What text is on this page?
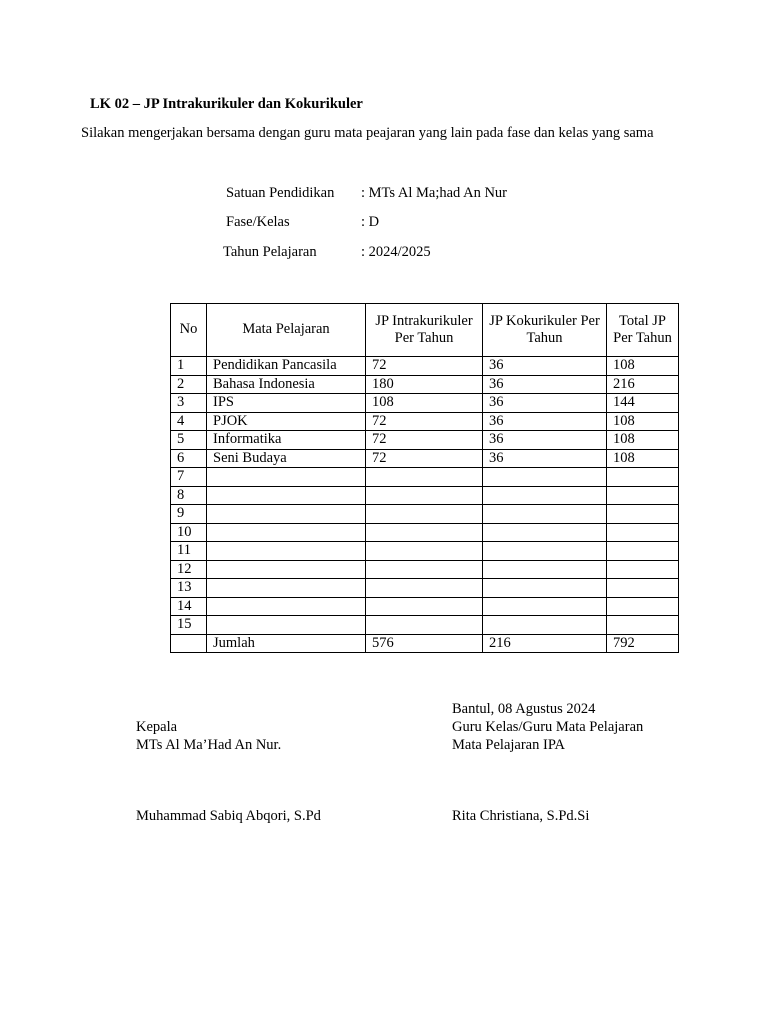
LK 02 – JP Intrakurikuler dan Kokurikuler
Silakan mengerjakan bersama dengan guru mata peajaran yang lain pada fase dan kelas yang sama
Satuan Pendidikan : MTs Al Ma;had An Nur
Fase/Kelas	: D
Tahun Pelajaran	: 2024/2025
No	Mata Pelajaran	JP Intrakurikuler Per Tahun	JP Kokurikuler Per Tahun	Total JP Per Tahun
1	Pendidikan Pancasila	72	36	108
2	Bahasa Indonesia	180	36	216
3	IPS	108	36	144
4	PJOK	72	36	108
5	Informatika	72	36	108
6	Seni Budaya	72	36	108
7				
8				
9				
10				
11				
12				
13				
14				
15				
	Jumlah	576	216	792
Bantul, 08 Agustus 2024
Kepala	Guru Kelas/Guru Mata Pelajaran
MTs Al Ma’Had An Nur.	Mata Pelajaran IPA
Muhammad Sabiq Abqori, S.Pd	Rita Christiana, S.Pd.Si
